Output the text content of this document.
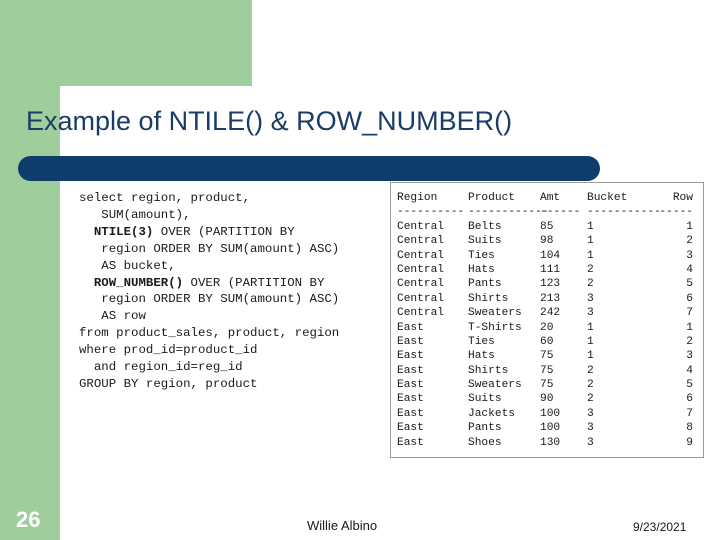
Example of NTILE() & ROW_NUMBER()
select region, product,
SUM(amount),
NTILE(3) OVER (PARTITION BY
region ORDER BY SUM(amount) ASC)
AS bucket,
ROW_NUMBER() OVER (PARTITION BY
region ORDER BY SUM(amount) ASC)
AS row
from product_sales, product, region
where prod_id=product_id
and region_id=reg_id
GROUP BY region, product
Region
----------
Central
Central
Central
Central
Central
Central
Central
East
East
East
East
East
East
East
East
East
Product
------------
Belts
Suits
Ties
Hats
Pants
Shirts
Sweaters
T-Shirts
Ties
Hats
Shirts
Sweaters
Suits
Jackets
Pants
Shoes
Amt
------
85
98
104
111
123
213
242
20
60
75
75
75
90
100
100
130
Bucket
-----------
1
1
1
2
2
3
3
1
1
1
2
2
2
3
3
3
Row
-----
1
2
3
4
5
6
7
1
2
3
4
5
6
7
8
9
26	Willie Albino	9/23/2021
